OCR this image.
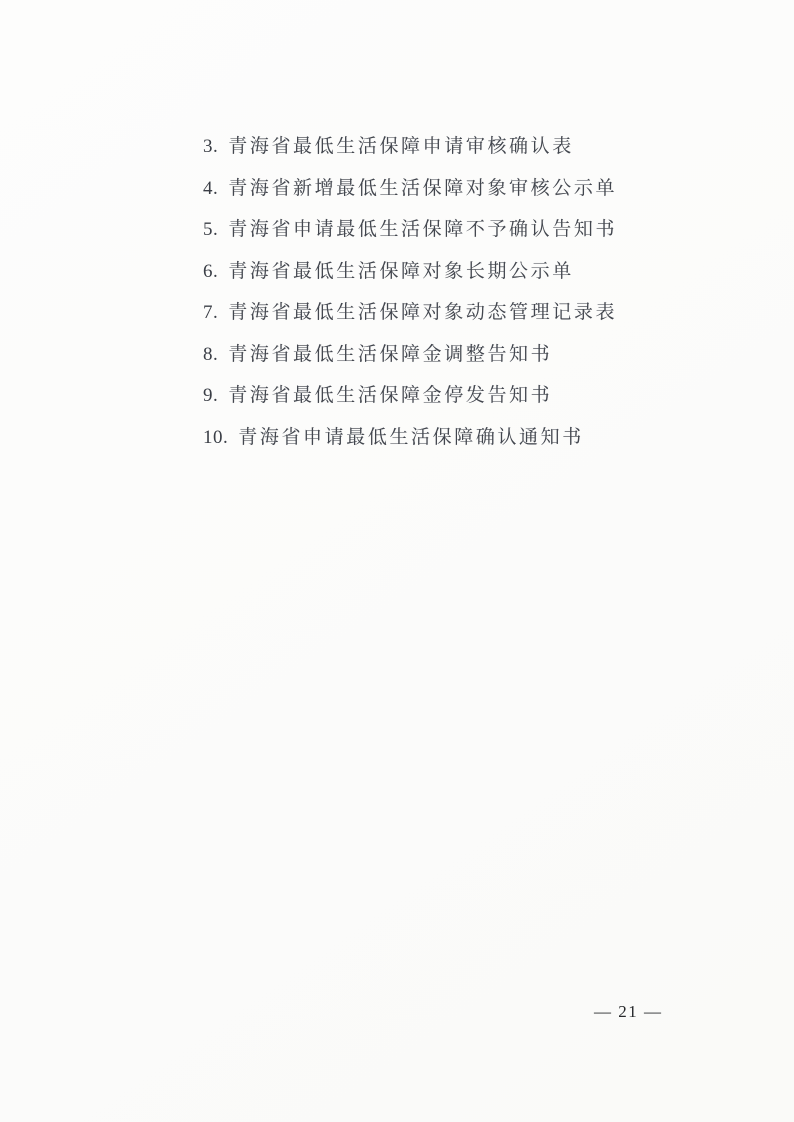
3. 青海省最低生活保障申请审核确认表
4. 青海省新增最低生活保障对象审核公示单
5. 青海省申请最低生活保障不予确认告知书
6. 青海省最低生活保障对象长期公示单
7. 青海省最低生活保障对象动态管理记录表
8. 青海省最低生活保障金调整告知书
9. 青海省最低生活保障金停发告知书
10. 青海省申请最低生活保障确认通知书
— 21 —
